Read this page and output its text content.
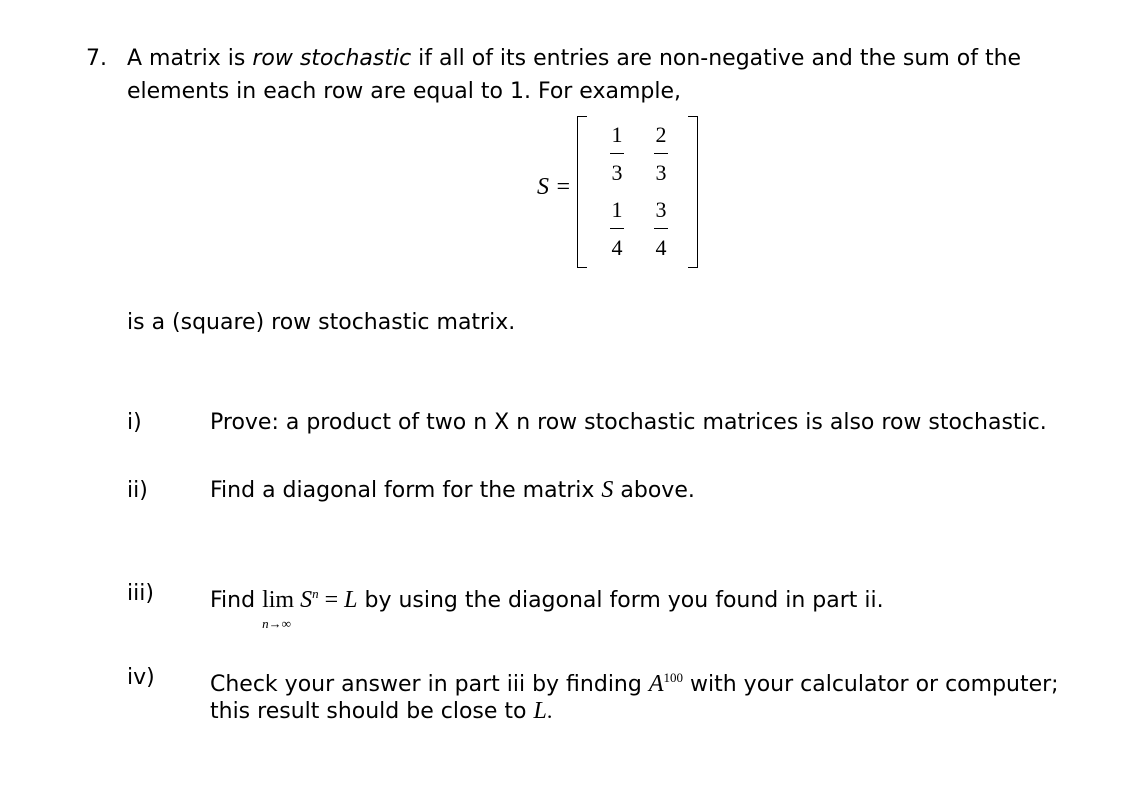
7. A matrix is row stochastic if all of its entries are non-negative and the sum of the
elements in each row are equal to 1. For example,
S =
1
3
2
3
1
4
3
4
is a (square) row stochastic matrix.
i)	Prove: a product of two n X n row stochastic matrices is also row stochastic.
ii)	Find a diagonal form for the matrix S above.
iii)	Find lim
n→∞
$S^n = L$ by using the diagonal form you found in part ii.
iv)	Check your answer in part iii by finding $A^{100}$ with your calculator or computer;
this result should be close to L.
